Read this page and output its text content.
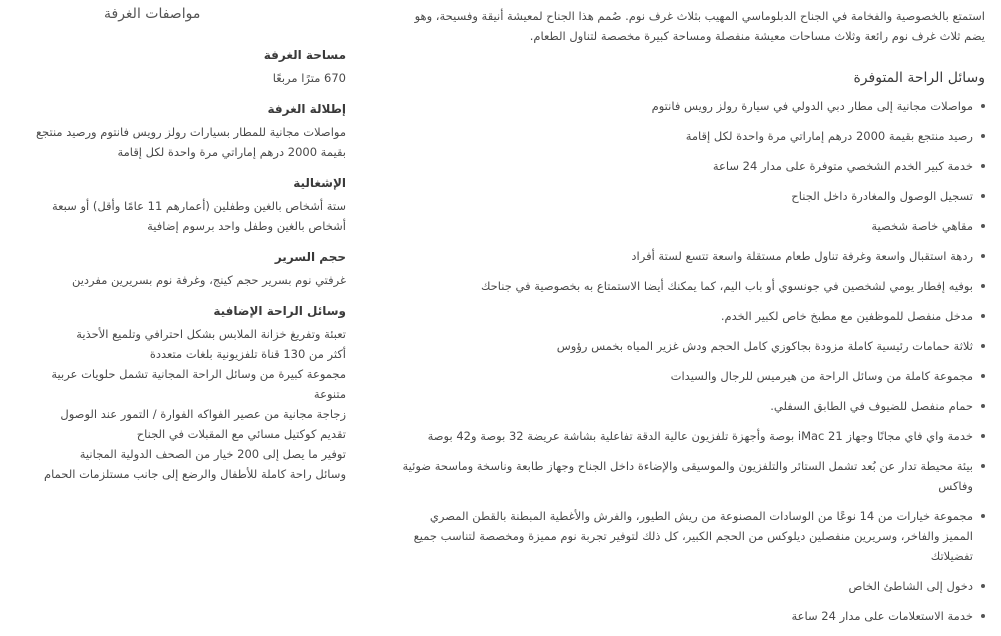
استمتع بالخصوصية والفخامة في الجناح الدبلوماسي المهيب بثلاث غرف نوم. صُمم هذا الجناح لمعيشة أنيقة وفسيحة، وهو يضم ثلاث غرف نوم رائعة وثلاث مساحات معيشة منفصلة ومساحة كبيرة مخصصة لتناول الطعام.

وسائل الراحة المتوفرة
مواصلات مجانية إلى مطار دبي الدولي في سيارة رولز رويس فانتوم
رصيد منتجع بقيمة 2000 درهم إماراتي مرة واحدة لكل إقامة
خدمة كبير الخدم الشخصي متوفرة على مدار 24 ساعة
تسجيل الوصول والمغادرة داخل الجناح
مقاهي خاصة شخصية
ردهة استقبال واسعة وغرفة تناول طعام مستقلة واسعة تتسع لستة أفراد
بوفيه إفطار يومي لشخصين في جونسوي أو باب اليم، كما يمكنك أيضا الاستمتاع به بخصوصية في جناحك
مدخل منفصل للموظفين مع مطبخ خاص لكبير الخدم.
ثلاثة حمامات رئيسية كاملة مزودة بجاكوزي كامل الحجم ودش غزير المياه بخمس رؤوس
مجموعة كاملة من وسائل الراحة من هيرميس للرجال والسيدات
حمام منفصل للضيوف في الطابق السفلي.
خدمة واي فاي مجانًا وجهاز iMac 21 بوصة وأجهزة تلفزيون عالية الدقة تفاعلية بشاشة عريضة 32 بوصة و42 بوصة
بيئة محيطة تدار عن بُعد تشمل الستائر والتلفزيون والموسيقى والإضاءة داخل الجناح وجهاز طابعة وناسخة وماسحة ضوئية وفاكس
مجموعة خيارات من 14 نوعًا من الوسادات المصنوعة من ريش الطيور، والفرش والأغطية المبطنة بالقطن المصري المميز والفاخر، وسريرين منفصلين ديلوكس من الحجم الكبير، كل ذلك لتوفير تجربة نوم مميزة ومخصصة لتناسب جميع تفضيلاتك
دخول إلى الشاطئ الخاص
خدمة الاستعلامات على مدار 24 ساعة
مواصفات الغرفة

مساحة الغرفة

670 مترًا مربعًا

إطلالة الغرفة

مواصلات مجانية للمطار بسيارات رولز رويس فانتوم ورصيد منتجع بقيمة 2000 درهم إماراتي مرة واحدة لكل إقامة

الإشغالية

ستة أشخاص بالغين وطفلين (أعمارهم 11 عامًا وأقل) أو سبعة أشخاص بالغين وطفل واحد برسوم إضافية

حجم السرير

غرفتي نوم بسرير حجم كينج، وغرفة نوم بسريرين مفردين

وسائل الراحة الإضافية

تعبئة وتفريغ خزانة الملابس بشكل احترافي وتلميع الأحذية
أكثر من 130 قناة تلفزيونية بلغات متعددة
مجموعة كبيرة من وسائل الراحة المجانية تشمل حلويات عربية متنوعة
زجاجة مجانية من عصير الفواكه الفوارة / التمور عند الوصول
تقديم كوكتيل مسائي مع المقبلات في الجناح
توفير ما يصل إلى 200 خيار من الصحف الدولية المجانية
وسائل راحة كاملة للأطفال والرضع إلى جانب مستلزمات الحمام
